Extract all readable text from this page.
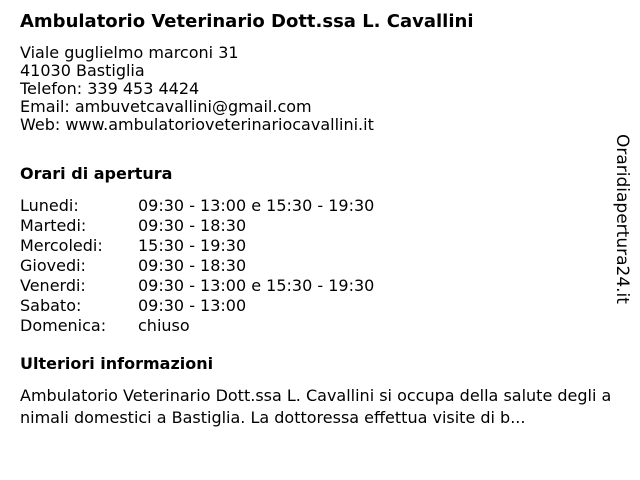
Ambulatorio Veterinario Dott.ssa L. Cavallini
Viale guglielmo marconi 31
41030 Bastiglia
Telefon: 339 453 4424
Email: ambuvetcavallini@gmail.com
Web: www.ambulatorioveterinariocavallini.it
Orari di apertura
Lunedi:	09:30 - 13:00 e 15:30 - 19:30
Martedi:	09:30 - 18:30
Mercoledi:	15:30 - 19:30
Giovedi:	09:30 - 18:30
Venerdi:	09:30 - 13:00 e 15:30 - 19:30
Sabato:	09:30 - 13:00
Domenica:	chiuso
Ulteriori informazioni
Ambulatorio Veterinario Dott.ssa L. Cavallini si occupa della salute degli animali domestici a Bastiglia. La dottoressa effettua visite di b...
Oraridiapertura24.it
